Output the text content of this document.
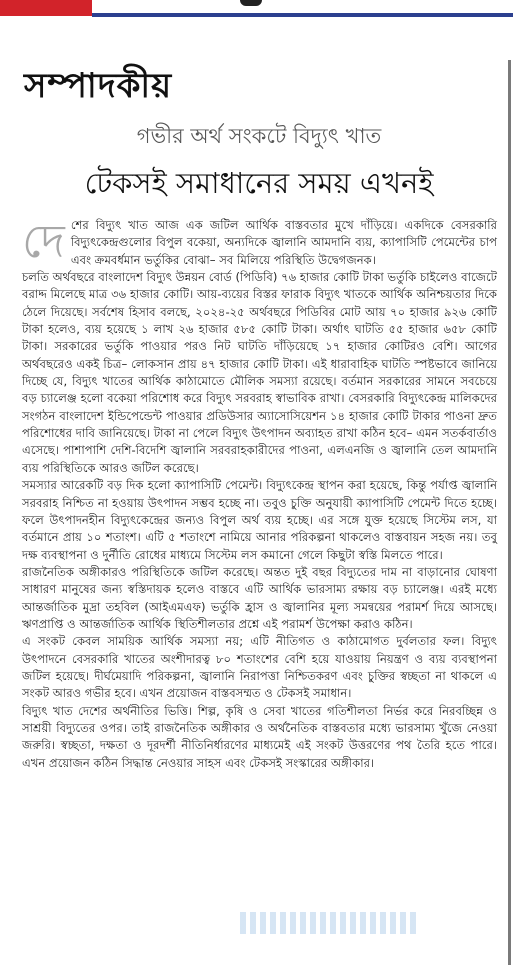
সম্পাদকীয়
গভীর অর্থ সংকটে বিদ্যুৎ খাত
টেকসই সমাধানের সময় এখনই

দেশের বিদ্যুৎ খাত আজ এক জটিল আর্থিক বাস্তবতার মুখে দাঁড়িয়ে। একদিকে বেসরকারি বিদ্যুৎকেন্দ্রগুলোর বিপুল বকেয়া, অন্যদিকে জ্বালানি আমদানি ব্যয়, ক্যাপাসিটি পেমেন্টের চাপ এবং ক্রমবর্ধমান ভর্তুকির বোঝা– সব মিলিয়ে পরিস্থিতি উদ্বেগজনক।

চলতি অর্থবছরে বাংলাদেশ বিদ্যুৎ উন্নয়ন বোর্ড (পিডিবি) ৭৬ হাজার কোটি টাকা ভর্তুকি চাইলেও বাজেটে বরাদ্দ মিলেছে মাত্র ৩৬ হাজার কোটি। আয়-ব্যয়ের বিস্তর ফারাক বিদ্যুৎ খাতকে আর্থিক অনিশ্চয়তার দিকে ঠেলে দিয়েছে। সর্বশেষ হিসাব বলছে, ২০২৪-২৫ অর্থবছরে পিডিবির মোট আয় ৭০ হাজার ৯২৬ কোটি টাকা হলেও, ব্যয় হয়েছে ১ লাখ ২৬ হাজার ৫৮৫ কোটি টাকা। অর্থাৎ ঘাটতি ৫৫ হাজার ৬৫৮ কোটি টাকা। সরকারের ভর্তুকি পাওয়ার পরও নিট ঘাটতি দাঁড়িয়েছে ১৭ হাজার কোটিরও বেশি। আগের অর্থবছরেও একই চিত্র– লোকসান প্রায় ৪৭ হাজার কোটি টাকা। এই ধারাবাহিক ঘাটতি স্পষ্টভাবে জানিয়ে দিচ্ছে যে, বিদ্যুৎ খাতের আর্থিক কাঠামোতে মৌলিক সমস্যা রয়েছে। বর্তমান সরকারের সামনে সবচেয়ে বড় চ্যালেঞ্জ হলো বকেয়া পরিশোধ করে বিদ্যুৎ সরবরাহ স্বাভাবিক রাখা। বেসরকারি বিদ্যুৎকেন্দ্র মালিকদের সংগঠন বাংলাদেশ ইন্ডিপেন্ডেন্ট পাওয়ার প্রডিউসার অ্যাসোসিয়েশন ১৪ হাজার কোটি টাকার পাওনা দ্রুত পরিশোধের দাবি জানিয়েছে। টাকা না পেলে বিদ্যুৎ উৎপাদন অব্যাহত রাখা কঠিন হবে– এমন সতর্কবার্তাও এসেছে। পাশাপাশি দেশি-বিদেশি জ্বালানি সরবরাহকারীদের পাওনা, এলএনজি ও জ্বালানি তেল আমদানি ব্যয় পরিস্থিতিকে আরও জটিল করেছে।

সমস্যার আরেকটি বড় দিক হলো ক্যাপাসিটি পেমেন্ট। বিদ্যুৎকেন্দ্র স্থাপন করা হয়েছে, কিন্তু পর্যাপ্ত জ্বালানি সরবরাহ নিশ্চিত না হওয়ায় উৎপাদন সম্ভব হচ্ছে না। তবুও চুক্তি অনুযায়ী ক্যাপাসিটি পেমেন্ট দিতে হচ্ছে। ফলে উৎপাদনহীন বিদ্যুৎকেন্দ্রের জন্যও বিপুল অর্থ ব্যয় হচ্ছে। এর সঙ্গে যুক্ত হয়েছে সিস্টেম লস, যা বর্তমানে প্রায় ১০ শতাংশ। এটি ৫ শতাংশে নামিয়ে আনার পরিকল্পনা থাকলেও বাস্তবায়ন সহজ নয়। তবু দক্ষ ব্যবস্থাপনা ও দুর্নীতি রোধের মাধ্যমে সিস্টেম লস কমানো গেলে কিছুটা স্বস্তি মিলতে পারে।

রাজনৈতিক অঙ্গীকারও পরিস্থিতিকে জটিল করেছে। অন্তত দুই বছর বিদ্যুতের দাম না বাড়ানোর ঘোষণা সাধারণ মানুষের জন্য স্বস্তিদায়ক হলেও বাস্তবে এটি আর্থিক ভারসাম্য রক্ষায় বড় চ্যালেঞ্জ। এরই মধ্যে আন্তর্জাতিক মুদ্রা তহবিল (আইএমএফ) ভর্তুকি হ্রাস ও জ্বালানির মূল্য সমন্বয়ের পরামর্শ দিয়ে আসছে। ঋণপ্রাপ্তি ও আন্তর্জাতিক আর্থিক স্থিতিশীলতার প্রশ্নে এই পরামর্শ উপেক্ষা করাও কঠিন।

এ সংকট কেবল সাময়িক আর্থিক সমস্যা নয়; এটি নীতিগত ও কাঠামোগত দুর্বলতার ফল। বিদ্যুৎ উৎপাদনে বেসরকারি খাতের অংশীদারত্ব ৮০ শতাংশের বেশি হয়ে যাওয়ায় নিয়ন্ত্রণ ও ব্যয় ব্যবস্থাপনা জটিল হয়েছে। দীর্ঘমেয়াদি পরিকল্পনা, জ্বালানি নিরাপত্তা নিশ্চিতকরণ এবং চুক্তির স্বচ্ছতা না থাকলে এ সংকট আরও গভীর হবে। এখন প্রয়োজন বাস্তবসম্মত ও টেকসই সমাধান।

বিদ্যুৎ খাত দেশের অর্থনীতির ভিত্তি। শিল্প, কৃষি ও সেবা খাতের গতিশীলতা নির্ভর করে নিরবচ্ছিন্ন ও সাশ্রয়ী বিদ্যুতের ওপর। তাই রাজনৈতিক অঙ্গীকার ও অর্থনৈতিক বাস্তবতার মধ্যে ভারসাম্য খুঁজে নেওয়া জরুরি। স্বচ্ছতা, দক্ষতা ও দূরদর্শী নীতিনির্ধারণের মাধ্যমেই এই সংকট উত্তরণের পথ তৈরি হতে পারে। এখন প্রয়োজন কঠিন সিদ্ধান্ত নেওয়ার সাহস এবং টেকসই সংস্কারের অঙ্গীকার।
